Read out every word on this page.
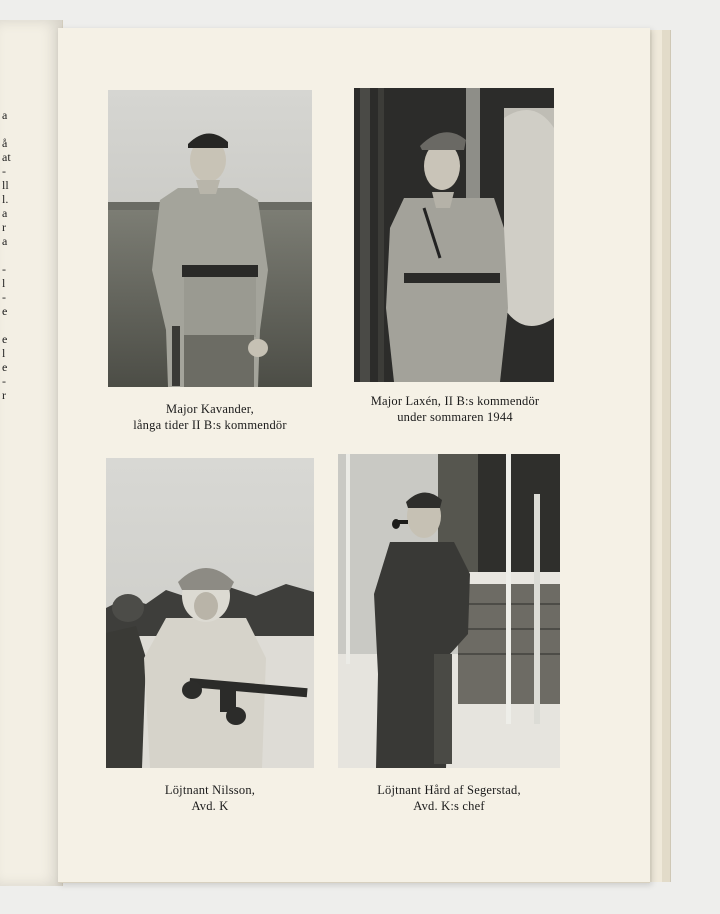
a

å
at
-
ll
l.
a
r
a

-
l
-
e

e
l
e
-
r
Major Kavander,
långa tider II B:s kommendör
Major Laxén, II B:s kommendör
under sommaren 1944
Löjtnant Nilsson,
Avd. K
Löjtnant Hård af Segerstad,
Avd. K:s chef
